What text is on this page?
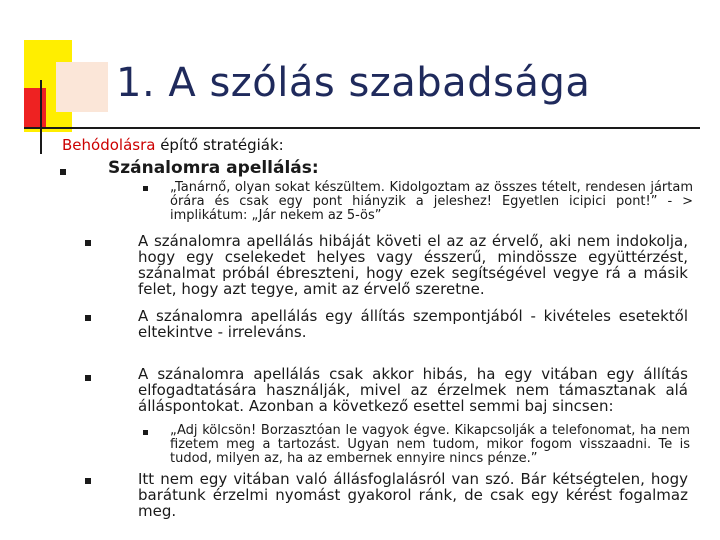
1. A szólás szabadsága
Behódolásra építő stratégiák:
Szánalomra apellálás:
„Tanárnő, olyan sokat készültem. Kidolgoztam az összes tételt, rendesen jártam órára és csak egy pont hiányzik a jeleshez! Egyetlen icipici pont!” - > implikátum: „Jár nekem az 5-ös”
A szánalomra apellálás hibáját követi el az az érvelő, aki nem indokolja, hogy egy cselekedet helyes vagy ésszerű, mindössze együttérzést, szánalmat próbál ébreszteni, hogy ezek segítségével vegye rá a másik felet, hogy azt tegye, amit az érvelő szeretne.
A szánalomra apellálás egy állítás szempontjából - kivételes esetektől eltekintve - irreleváns.
A szánalomra apellálás csak akkor hibás, ha egy vitában egy állítás elfogadtatására használják, mivel az érzelmek nem támasztanak alá álláspontokat. Azonban a következő esettel semmi baj sincsen:
„Adj kölcsön! Borzasztóan le vagyok égve. Kikapcsolják a telefonomat, ha nem fizetem meg a tartozást. Ugyan nem tudom, mikor fogom visszaadni. Te is tudod, milyen az, ha az embernek ennyire nincs pénze.”
Itt nem egy vitában való állásfoglalásról van szó. Bár kétségtelen, hogy barátunk érzelmi nyomást gyakorol ránk, de csak egy kérést fogalmaz meg.
